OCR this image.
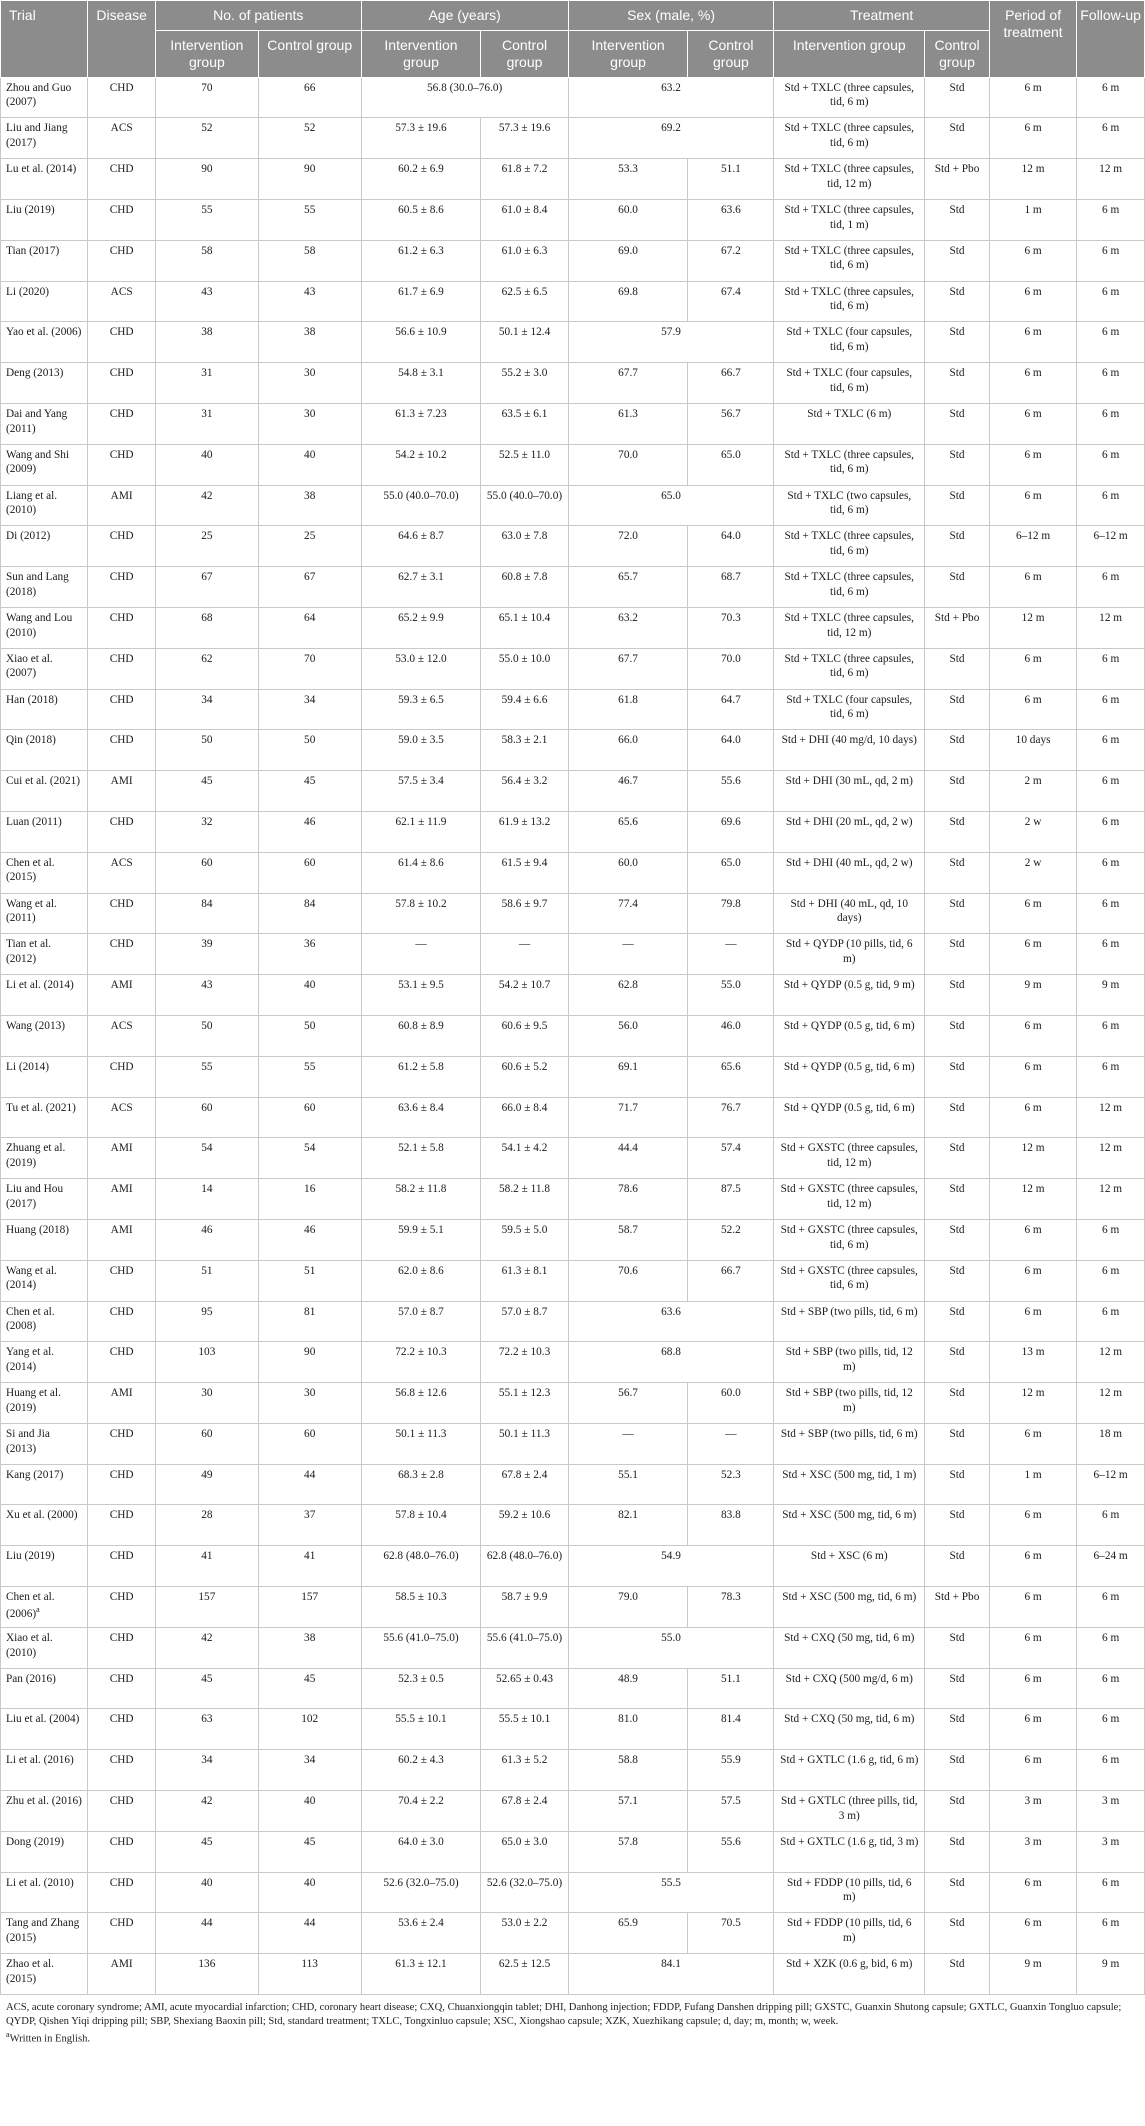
Trial	Disease	No. of patients		Age (years)		Sex (male, %)		Treatment		Period of treatment	Follow-up
		Intervention group	Control group	Intervention group	Control group	Intervention group	Control group	Intervention group	Control group		
Zhou and Guo (2007)	CHD	70	66	56.8 (30.0–76.0)		63.2		Std + TXLC (three capsules, tid, 6 m)	Std	6 m	6 m
Liu and Jiang (2017)	ACS	52	52	57.3 ± 19.6	57.3 ± 19.6	69.2		Std + TXLC (three capsules, tid, 6 m)	Std	6 m	6 m
Lu et al. (2014)	CHD	90	90	60.2 ± 6.9	61.8 ± 7.2	53.3	51.1	Std + TXLC (three capsules, tid, 12 m)	Std + Pbo	12 m	12 m
Liu (2019)	CHD	55	55	60.5 ± 8.6	61.0 ± 8.4	60.0	63.6	Std + TXLC (three capsules, tid, 1 m)	Std	1 m	6 m
Tian (2017)	CHD	58	58	61.2 ± 6.3	61.0 ± 6.3	69.0	67.2	Std + TXLC (three capsules, tid, 6 m)	Std	6 m	6 m
Li (2020)	ACS	43	43	61.7 ± 6.9	62.5 ± 6.5	69.8	67.4	Std + TXLC (three capsules, tid, 6 m)	Std	6 m	6 m
Yao et al. (2006)	CHD	38	38	56.6 ± 10.9	50.1 ± 12.4	57.9		Std + TXLC (four capsules, tid, 6 m)	Std	6 m	6 m
Deng (2013)	CHD	31	30	54.8 ± 3.1	55.2 ± 3.0	67.7	66.7	Std + TXLC (four capsules, tid, 6 m)	Std	6 m	6 m
Dai and Yang (2011)	CHD	31	30	61.3 ± 7.23	63.5 ± 6.1	61.3	56.7	Std + TXLC (6 m)	Std	6 m	6 m
Wang and Shi (2009)	CHD	40	40	54.2 ± 10.2	52.5 ± 11.0	70.0	65.0	Std + TXLC (three capsules, tid, 6 m)	Std	6 m	6 m
Liang et al. (2010)	AMI	42	38	55.0 (40.0–70.0)	55.0 (40.0–70.0)	65.0		Std + TXLC (two capsules, tid, 6 m)	Std	6 m	6 m
Di (2012)	CHD	25	25	64.6 ± 8.7	63.0 ± 7.8	72.0	64.0	Std + TXLC (three capsules, tid, 6 m)	Std	6–12 m	6–12 m
Sun and Lang (2018)	CHD	67	67	62.7 ± 3.1	60.8 ± 7.8	65.7	68.7	Std + TXLC (three capsules, tid, 6 m)	Std	6 m	6 m
Wang and Lou (2010)	CHD	68	64	65.2 ± 9.9	65.1 ± 10.4	63.2	70.3	Std + TXLC (three capsules, tid, 12 m)	Std + Pbo	12 m	12 m
Xiao et al. (2007)	CHD	62	70	53.0 ± 12.0	55.0 ± 10.0	67.7	70.0	Std + TXLC (three capsules, tid, 6 m)	Std	6 m	6 m
Han (2018)	CHD	34	34	59.3 ± 6.5	59.4 ± 6.6	61.8	64.7	Std + TXLC (four capsules, tid, 6 m)	Std	6 m	6 m
Qin (2018)	CHD	50	50	59.0 ± 3.5	58.3 ± 2.1	66.0	64.0	Std + DHI (40 mg/d, 10 days)	Std	10 days	6 m
Cui et al. (2021)	AMI	45	45	57.5 ± 3.4	56.4 ± 3.2	46.7	55.6	Std + DHI (30 mL, qd, 2 m)	Std	2 m	6 m
Luan (2011)	CHD	32	46	62.1 ± 11.9	61.9 ± 13.2	65.6	69.6	Std + DHI (20 mL, qd, 2 w)	Std	2 w	6 m
Chen et al. (2015)	ACS	60	60	61.4 ± 8.6	61.5 ± 9.4	60.0	65.0	Std + DHI (40 mL, qd, 2 w)	Std	2 w	6 m
Wang et al. (2011)	CHD	84	84	57.8 ± 10.2	58.6 ± 9.7	77.4	79.8	Std + DHI (40 mL, qd, 10 days)	Std	6 m	6 m
Tian et al. (2012)	CHD	39	36	—	—	—	—	Std + QYDP (10 pills, tid, 6 m)	Std	6 m	6 m
Li et al. (2014)	AMI	43	40	53.1 ± 9.5	54.2 ± 10.7	62.8	55.0	Std + QYDP (0.5 g, tid, 9 m)	Std	9 m	9 m
Wang (2013)	ACS	50	50	60.8 ± 8.9	60.6 ± 9.5	56.0	46.0	Std + QYDP (0.5 g, tid, 6 m)	Std	6 m	6 m
Li (2014)	CHD	55	55	61.2 ± 5.8	60.6 ± 5.2	69.1	65.6	Std + QYDP (0.5 g, tid, 6 m)	Std	6 m	6 m
Tu et al. (2021)	ACS	60	60	63.6 ± 8.4	66.0 ± 8.4	71.7	76.7	Std + QYDP (0.5 g, tid, 6 m)	Std	6 m	12 m
Zhuang et al. (2019)	AMI	54	54	52.1 ± 5.8	54.1 ± 4.2	44.4	57.4	Std + GXSTC (three capsules, tid, 12 m)	Std	12 m	12 m
Liu and Hou (2017)	AMI	14	16	58.2 ± 11.8	58.2 ± 11.8	78.6	87.5	Std + GXSTC (three capsules, tid, 12 m)	Std	12 m	12 m
Huang (2018)	AMI	46	46	59.9 ± 5.1	59.5 ± 5.0	58.7	52.2	Std + GXSTC (three capsules, tid, 6 m)	Std	6 m	6 m
Wang et al. (2014)	CHD	51	51	62.0 ± 8.6	61.3 ± 8.1	70.6	66.7	Std + GXSTC (three capsules, tid, 6 m)	Std	6 m	6 m
Chen et al. (2008)	CHD	95	81	57.0 ± 8.7	57.0 ± 8.7	63.6		Std + SBP (two pills, tid, 6 m)	Std	6 m	6 m
Yang et al. (2014)	CHD	103	90	72.2 ± 10.3	72.2 ± 10.3	68.8		Std + SBP (two pills, tid, 12 m)	Std	13 m	12 m
Huang et al. (2019)	AMI	30	30	56.8 ± 12.6	55.1 ± 12.3	56.7	60.0	Std + SBP (two pills, tid, 12 m)	Std	12 m	12 m
Si and Jia (2013)	CHD	60	60	50.1 ± 11.3	50.1 ± 11.3	—	—	Std + SBP (two pills, tid, 6 m)	Std	6 m	18 m
Kang (2017)	CHD	49	44	68.3 ± 2.8	67.8 ± 2.4	55.1	52.3	Std + XSC (500 mg, tid, 1 m)	Std	1 m	6–12 m
Xu et al. (2000)	CHD	28	37	57.8 ± 10.4	59.2 ± 10.6	82.1	83.8	Std + XSC (500 mg, tid, 6 m)	Std	6 m	6 m
Liu (2019)	CHD	41	41	62.8 (48.0–76.0)	62.8 (48.0–76.0)	54.9		Std + XSC (6 m)	Std	6 m	6–24 m
Chen et al. $(2006)^a$	CHD	157	157	58.5 ± 10.3	58.7 ± 9.9	79.0	78.3	Std + XSC (500 mg, tid, 6 m)	Std + Pbo	6 m	6 m
Xiao et al. (2010)	CHD	42	38	55.6 (41.0–75.0)	55.6 (41.0–75.0)	55.0		Std + CXQ (50 mg, tid, 6 m)	Std	6 m	6 m
Pan (2016)	CHD	45	45	52.3 ± 0.5	52.65 ± 0.43	48.9	51.1	Std + CXQ (500 mg/d, 6 m)	Std	6 m	6 m
Liu et al. (2004)	CHD	63	102	55.5 ± 10.1	55.5 ± 10.1	81.0	81.4	Std + CXQ (50 mg, tid, 6 m)	Std	6 m	6 m
Li et al. (2016)	CHD	34	34	60.2 ± 4.3	61.3 ± 5.2	58.8	55.9	Std + GXTLC (1.6 g, tid, 6 m)	Std	6 m	6 m
Zhu et al. (2016)	CHD	42	40	70.4 ± 2.2	67.8 ± 2.4	57.1	57.5	Std + GXTLC (three pills, tid, 3 m)	Std	3 m	3 m
Dong (2019)	CHD	45	45	64.0 ± 3.0	65.0 ± 3.0	57.8	55.6	Std + GXTLC (1.6 g, tid, 3 m)	Std	3 m	3 m
Li et al. (2010)	CHD	40	40	52.6 (32.0–75.0)	52.6 (32.0–75.0)	55.5		Std + FDDP (10 pills, tid, 6 m)	Std	6 m	6 m
Tang and Zhang (2015)	CHD	44	44	53.6 ± 2.4	53.0 ± 2.2	65.9	70.5	Std + FDDP (10 pills, tid, 6 m)	Std	6 m	6 m
Zhao et al. (2015)	AMI	136	113	61.3 ± 12.1	62.5 ± 12.5	84.1		Std + XZK (0.6 g, bid, 6 m)	Std	9 m	9 m

ACS, acute coronary syndrome; AMI, acute myocardial infarction; CHD, coronary heart disease; CXQ, Chuanxiongqin tablet; DHI, Danhong injection; FDDP, Fufang Danshen dripping pill; GXSTC, Guanxin Shutong capsule; GXTLC, Guanxin Tongluo capsule; QYDP, Qishen Yiqi dripping pill; SBP, Shexiang Baoxin pill; Std, standard treatment; TXLC, Tongxinluo capsule; XSC, Xiongshao capsule; XZK, Xuezhikang capsule; d, day; m, month; w, week.

$^a$Written in English.
